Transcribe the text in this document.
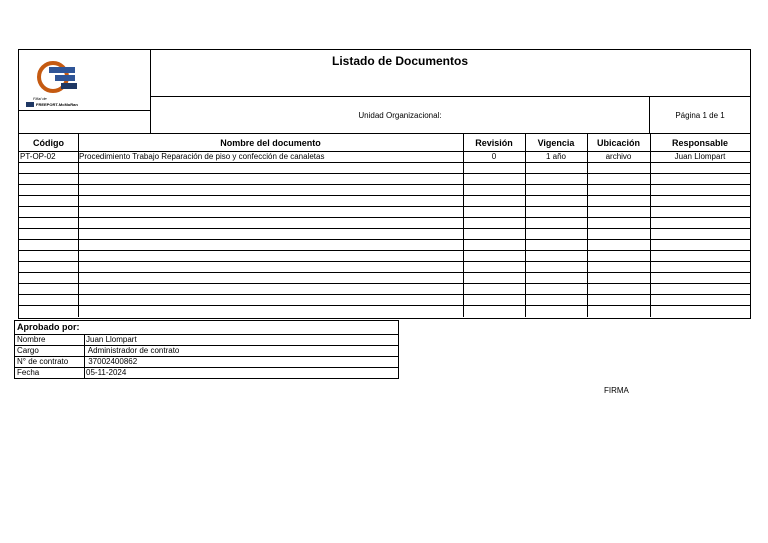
Filial de
FREEPORT-McMoRan
Listado de Documentos
Unidad Organizacional:	Página 1 de 1
Código	Nombre del documento	Revisión	Vigencia	Ubicación	Responsable
PT-OP-02	Procedimiento Trabajo Reparación de piso y confección de canaletas	0	1 año	archivo	Juan Llompart
Aprobado por:
Nombre	Juan Llompart
Cargo	Administrador de contrato
N° de contrato 37002400862
Fecha	05-11-2024
FIRMA
